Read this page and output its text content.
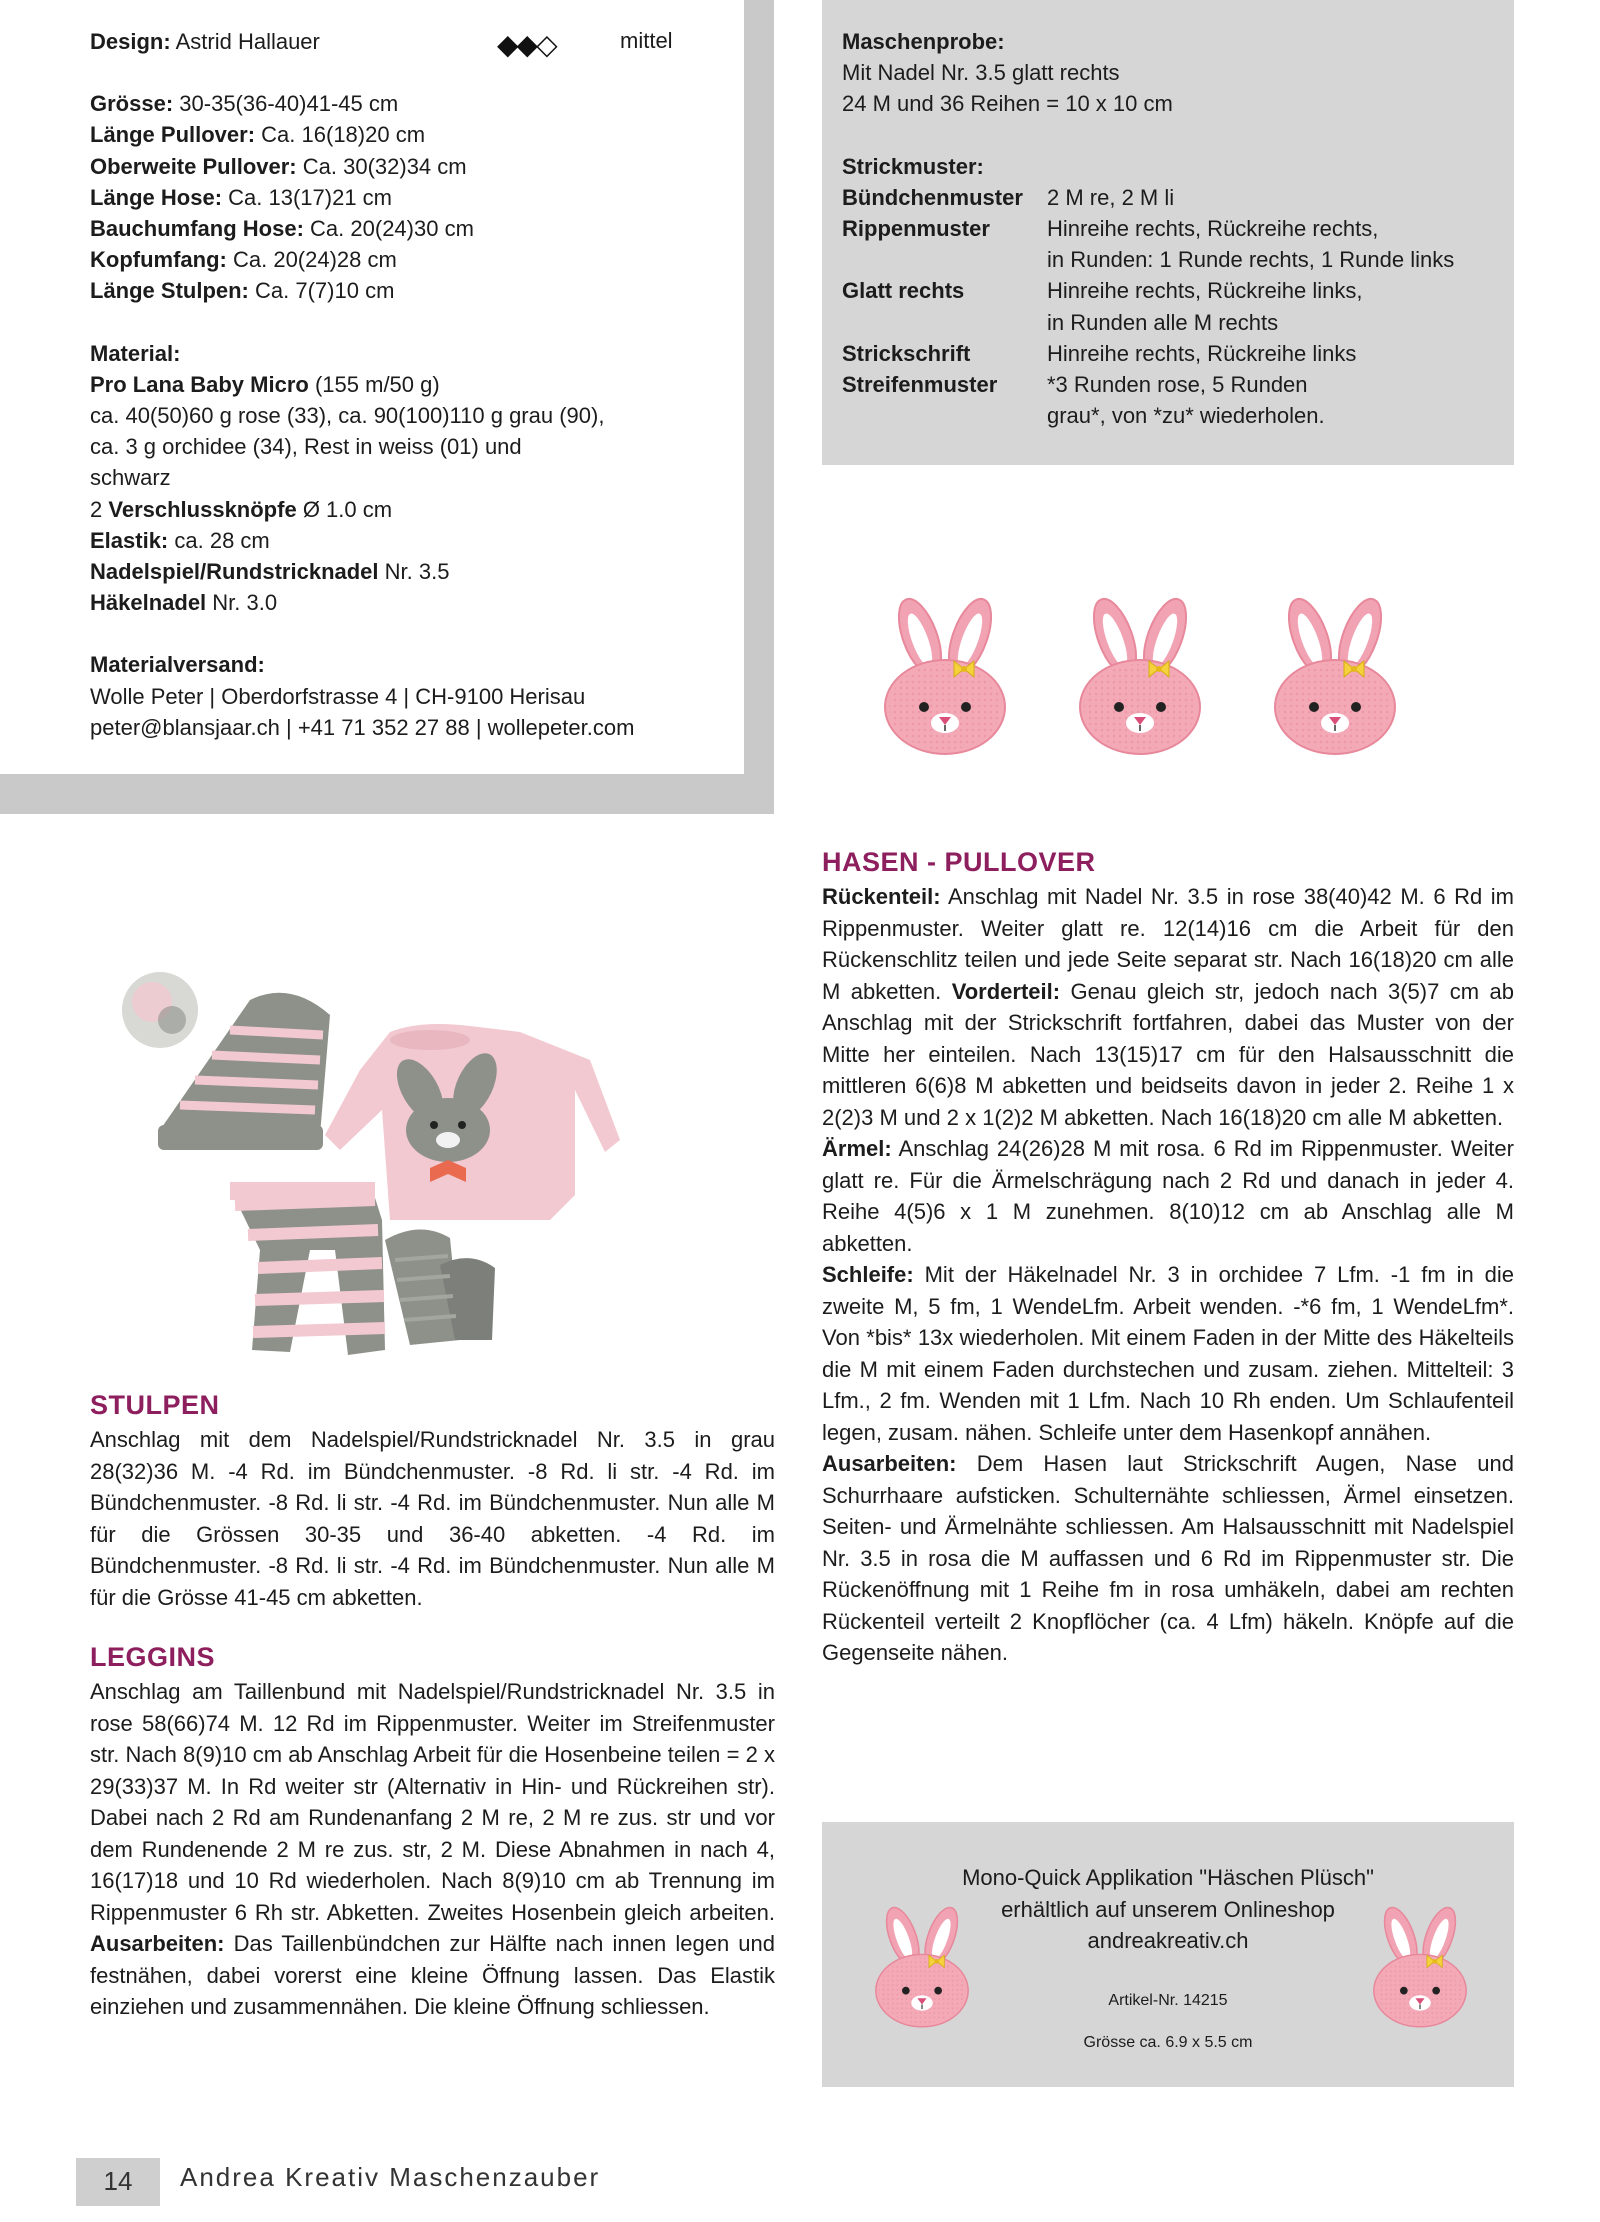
◆◆◇	mittel
Design: Astrid Hallauer
Grösse: 30-35(36-40)41-45 cm
Länge Pullover: Ca. 16(18)20 cm
Oberweite Pullover: Ca. 30(32)34 cm
Länge Hose: Ca. 13(17)21 cm
Bauchumfang Hose: Ca. 20(24)30 cm
Kopfumfang: Ca. 20(24)28 cm
Länge Stulpen: Ca. 7(7)10 cm
Material:
Pro Lana Baby Micro (155 m/50 g)
ca. 40(50)60 g rose (33), ca. 90(100)110 g grau (90),
ca. 3 g orchidee (34), Rest in weiss (01) und
schwarz
2 Verschlussknöpfe Ø 1.0 cm
Elastik: ca. 28 cm
Nadelspiel/Rundstricknadel Nr. 3.5
Häkelnadel Nr. 3.0
Materialversand:
Wolle Peter | Oberdorfstrasse 4 | CH-9100 Herisau
peter@blansjaar.ch | +41 71 352 27 88 | wollepeter.com
Maschenprobe:
Mit Nadel Nr. 3.5 glatt rechts
24 M und 36 Reihen = 10 x 10 cm
Strickmuster:
Bündchenmuster	2 M re, 2 M li
Rippenmuster	Hinreihe rechts, Rückreihe rechts,
in Runden: 1 Runde rechts, 1 Runde links
Glatt rechts	Hinreihe rechts, Rückreihe links,
in Runden alle M rechts
Strickschrift	Hinreihe rechts, Rückreihe links
Streifenmuster	*3 Runden rose, 5 Runden
grau*, von *zu* wiederholen.
STULPEN
Anschlag mit dem Nadelspiel/Rundstricknadel Nr. 3.5 in grau 28(32)36 M. -4 Rd. im Bündchenmuster. -8 Rd. li str. -4 Rd. im Bündchenmuster. -8 Rd. li str. -4 Rd. im Bündchenmuster. Nun alle M für die Grössen 30-35 und 36-40 abketten. -4 Rd. im Bündchenmuster. -8 Rd. li str. -4 Rd. im Bündchenmuster. Nun alle M für die Grösse 41-45 cm abketten.
LEGGINS
Anschlag am Taillenbund mit Nadelspiel/Rundstricknadel Nr. 3.5 in rose 58(66)74 M. 12 Rd im Rippenmuster. Weiter im Streifenmuster str. Nach 8(9)10 cm ab Anschlag Arbeit für die Hosenbeine teilen = 2 x 29(33)37 M. In Rd weiter str (Alternativ in Hin- und Rückreihen str). Dabei nach 2 Rd am Rundenanfang 2 M re, 2 M re zus. str und vor dem Rundenende 2 M re zus. str, 2 M. Diese Abnahmen in nach 4, 16(17)18 und 10 Rd wiederholen. Nach 8(9)10 cm ab Trennung im Rippenmuster 6 Rh str. Abketten. Zweites Hosenbein gleich arbeiten. Ausarbeiten: Das Taillenbündchen zur Hälfte nach innen legen und festnähen, dabei vorerst eine kleine Öffnung lassen. Das Elastik einziehen und zusammennähen. Die kleine Öffnung schliessen.
HASEN - PULLOVER
Rückenteil: Anschlag mit Nadel Nr. 3.5 in rose 38(40)42 M. 6 Rd im Rippenmuster. Weiter glatt re. 12(14)16 cm die Arbeit für den Rückenschlitz teilen und jede Seite separat str. Nach 16(18)20 cm alle M abketten. Vorderteil: Genau gleich str, jedoch nach 3(5)7 cm ab Anschlag mit der Strickschrift fortfahren, dabei das Muster von der Mitte her einteilen. Nach 13(15)17 cm für den Halsausschnitt die mittleren 6(6)8 M abketten und beidseits davon in jeder 2. Reihe 1 x 2(2)3 M und 2 x 1(2)2 M abketten. Nach 16(18)20 cm alle M abketten.
Ärmel: Anschlag 24(26)28 M mit rosa. 6 Rd im Rippenmuster. Weiter glatt re. Für die Ärmelschrägung nach 2 Rd und danach in jeder 4. Reihe 4(5)6 x 1 M zunehmen. 8(10)12 cm ab Anschlag alle M abketten.
Schleife: Mit der Häkelnadel Nr. 3 in orchidee 7 Lfm. -1 fm in die zweite M, 5 fm, 1 WendeLfm. Arbeit wenden. -*6 fm, 1 WendeLfm*. Von *bis* 13x wiederholen. Mit einem Faden in der Mitte des Häkelteils die M mit einem Faden durchstechen und zusam. ziehen. Mittelteil: 3 Lfm., 2 fm. Wenden mit 1 Lfm. Nach 10 Rh enden. Um Schlaufenteil legen, zusam. nähen. Schleife unter dem Hasenkopf annähen.
Ausarbeiten: Dem Hasen laut Strickschrift Augen, Nase und Schurrhaare aufsticken. Schulternähte schliessen, Ärmel einsetzen. Seiten- und Ärmelnähte schliessen. Am Halsausschnitt mit Nadelspiel Nr. 3.5 in rosa die M auffassen und 6 Rd im Rippenmuster str. Die Rückenöffnung mit 1 Reihe fm in rosa umhäkeln, dabei am rechten Rückenteil verteilt 2 Knopflöcher (ca. 4 Lfm) häkeln. Knöpfe auf die Gegenseite nähen.
Mono-Quick Applikation "Häschen Plüsch"
erhältlich auf unserem Onlineshop
andreakreativ.ch
Artikel-Nr. 14215
Grösse ca. 6.9 x 5.5 cm
14	Andrea Kreativ Maschenzauber
